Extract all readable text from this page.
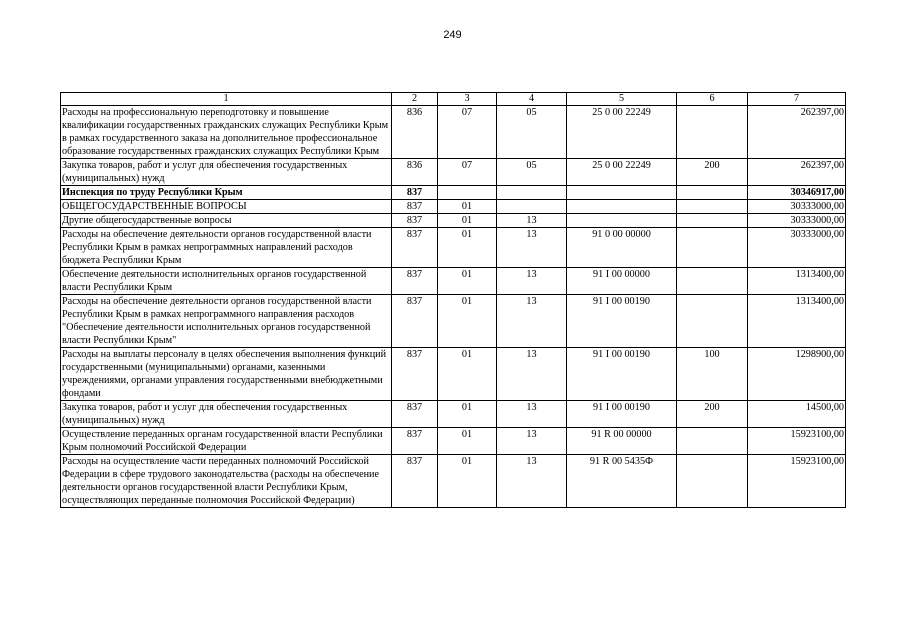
249
1	2	3	4	5	6	7
Расходы на профессиональную переподготовку и повышение квалификации государственных гражданских служащих Республики Крым в рамках государственного заказа на дополнительное профессиональное образование государственных гражданских служащих Республики Крым	836	07	05	25 0 00 22249		262397,00
Закупка товаров, работ и услуг для обеспечения государственных (муниципальных) нужд	836	07	05	25 0 00 22249	200	262397,00
Инспекция по труду Республики Крым	837					30346917,00
ОБЩЕГОСУДАРСТВЕННЫЕ ВОПРОСЫ	837	01				30333000,00
Другие общегосударственные вопросы	837	01	13			30333000,00
Расходы на обеспечение деятельности органов государственной власти Республики Крым в рамках непрограммных направлений расходов бюджета Республики Крым	837	01	13	91 0 00 00000		30333000,00
Обеспечение деятельности исполнительных органов государственной власти Республики Крым	837	01	13	91 I 00 00000		1313400,00
Расходы на обеспечение деятельности органов государственной власти Республики Крым в рамках непрограммного направления расходов "Обеспечение деятельности исполнительных органов государственной власти Республики Крым"	837	01	13	91 I 00 00190		1313400,00
Расходы на выплаты персоналу в целях обеспечения выполнения функций государственными (муниципальными) органами, казенными учреждениями, органами управления государственными внебюджетными фондами	837	01	13	91 I 00 00190	100	1298900,00
Закупка товаров, работ и услуг для обеспечения государственных (муниципальных) нужд	837	01	13	91 I 00 00190	200	14500,00
Осуществление переданных органам государственной власти Республики Крым полномочий Российской Федерации	837	01	13	91 R 00 00000		15923100,00
Расходы на осуществление части переданных полномочий Российской Федерации в сфере трудового законодательства (расходы на обеспечение деятельности органов государственной власти Республики Крым, осуществляющих переданные полномочия Российской Федерации)	837	01	13	91 R 00 5435Ф		15923100,00
